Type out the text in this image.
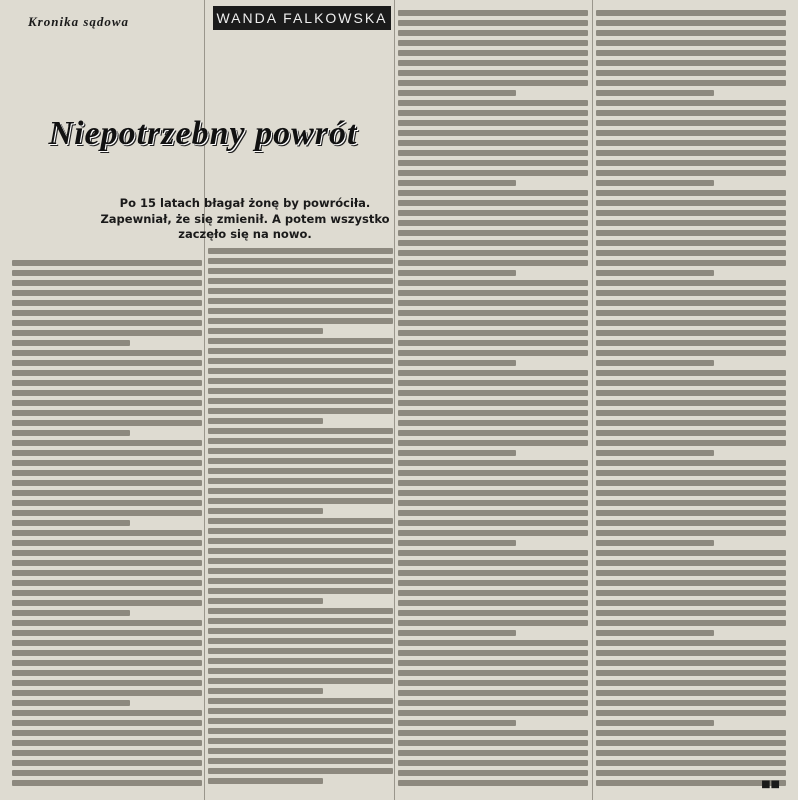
Kronika sądowa	WANDA FALKOWSKA
Niepotrzebny powrót
Po 15 latach błagał żonę by powróciła. Zapewniał, że się zmienił. A potem wszystko zaczęło się na nowo.
■■
